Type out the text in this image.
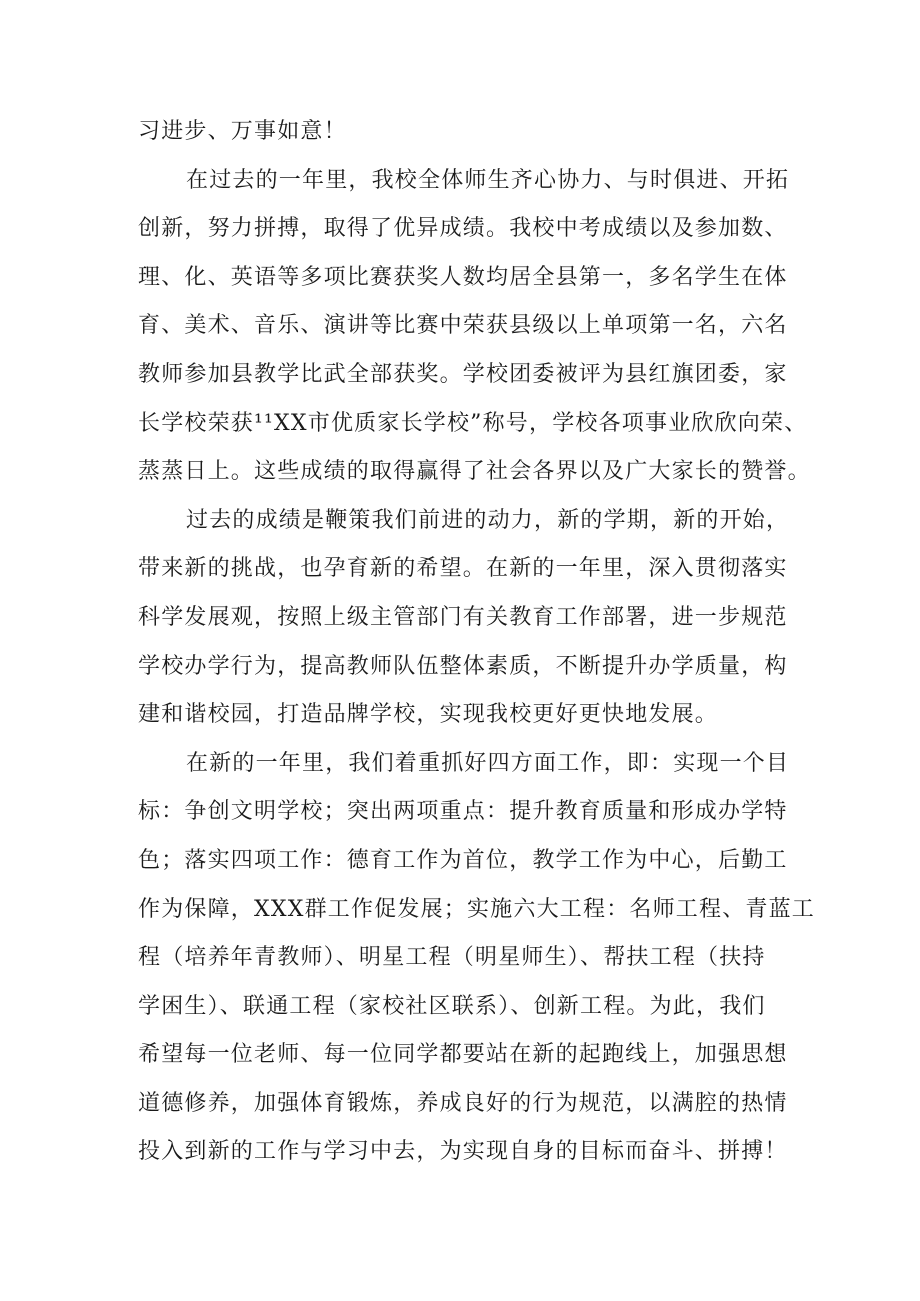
习进步、万事如意！
在过去的一年里，我校全体师生齐心协力、与时俱进、开拓
创新，努力拼搏，取得了优异成绩。我校中考成绩以及参加数、
理、化、英语等多项比赛获奖人数均居全县第一，多名学生在体
育、美术、音乐、演讲等比赛中荣获县级以上单项第一名，六名
教师参加县教学比武全部获奖。学校团委被评为县红旗团委，家
长学校荣获¹¹XX市优质家长学校”称号，学校各项事业欣欣向荣、
蒸蒸日上。这些成绩的取得赢得了社会各界以及广大家长的赞誉。
过去的成绩是鞭策我们前进的动力，新的学期，新的开始，
带来新的挑战，也孕育新的希望。在新的一年里，深入贯彻落实
科学发展观，按照上级主管部门有关教育工作部署，进一步规范
学校办学行为，提高教师队伍整体素质，不断提升办学质量，构
建和谐校园，打造品牌学校，实现我校更好更快地发展。
在新的一年里，我们着重抓好四方面工作，即：实现一个目
标：争创文明学校；突出两项重点：提升教育质量和形成办学特
色；落实四项工作：德育工作为首位，教学工作为中心，后勤工
作为保障，XXX群工作促发展；实施六大工程：名师工程、青蓝工
程（培养年青教师）、明星工程（明星师生）、帮扶工程（扶持
学困生）、联通工程（家校社区联系）、创新工程。为此，我们
希望每一位老师、每一位同学都要站在新的起跑线上，加强思想
道德修养，加强体育锻炼，养成良好的行为规范，以满腔的热情
投入到新的工作与学习中去，为实现自身的目标而奋斗、拼搏！
